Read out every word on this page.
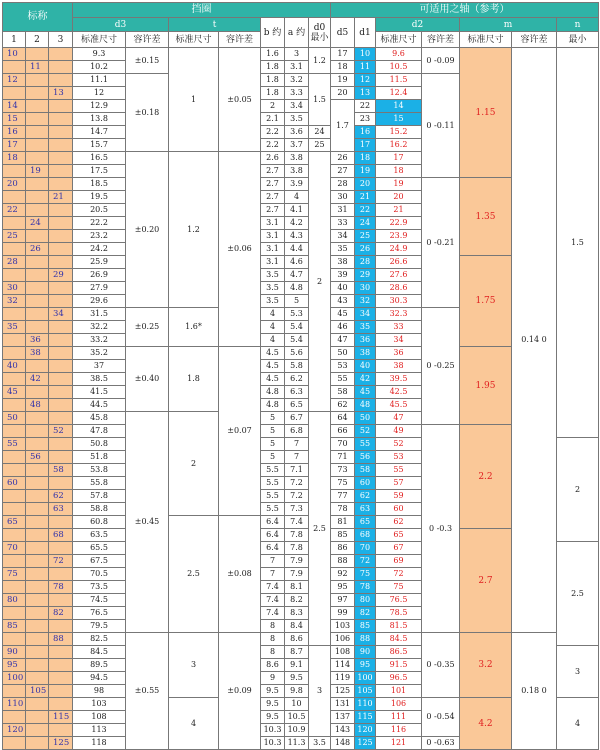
标称			挡圈							可适用之轴（参考）							
			d3		t		b 约	a 约	d0 最小	d5	d1	d2		m		n	
1	2	3	标准尺寸	容许差	标准尺寸	容许差						标准尺寸	容许差	标准尺寸	容许差	最小	
10			9.3	±0.15	1	±0.05	1.6	3	1.2	17	10	9.6	0 -0.09	1.15	0.14 0	1.5	
	11		10.2				1.8	3.1		18	11	10.5					
12			11.1	±0.18			1.8	3.2	1.5	19	12	11.5	0 -0.11				
		13	12				1.8	3.3		20	13	12.4					
14			12.9				2	3.4		1.7	22	14	
15			13.8				2.1	3.5			23	15	
16			14.7				2.2	3.6	24		16	15.2					
17			15.7				2.2	3.7	25		17	16.2					
18			16.5	±0.20	1.2	±0.06	2.6	3.8	2	26	18	17					
	19		17.5				2.7	3.8		27	19	18					
20			18.5				2.7	3.9		28	20	19	0 -0.21	1.35			
		21	19.5				2.7	4		30	21	20					
22			20.5				2.7	4.1		31	22	21					
	24		22.2				3.1	4.2		33	24	22.9					
25			23.2				3.1	4.3		34	25	23.9					
	26		24.2				3.1	4.4		35	26	24.9					
28			25.9				3.1	4.6		38	28	26.6		1.75			
		29	26.9				3.5	4.7		39	29	27.6					
30			27.9				3.5	4.8		40	30	28.6					
32			29.6				3.5	5		43	32	30.3					
		34	31.5	±0.25	1.6*		4	5.3		45	34	32.3	0 -0.25				
35			32.2				4	5.4		46	35	33					
	36		33.2				4	5.4		47	36	34					
	38		35.2	±0.40	1.8	±0.07	4.5	5.6		50	38	36		1.95			
40			37				4.5	5.8		53	40	38					
	42		38.5				4.5	6.2		55	42	39.5					
45			41.5				4.8	6.3		58	45	42.5					
	48		44.5				4.8	6.5		62	48	45.5					
50			45.8	±0.45	2		5	6.7	2.5	64	50	47					
		52	47.8				5	6.8		66	52	49	0 -0.3	2.2			
55			50.8				5	7		70	55	52				2	
	56		51.8				5	7		71	56	53					
		58	53.8				5.5	7.1		73	58	55					
60			55.8				5.5	7.2		75	60	57					
		62	57.8				5.5	7.2		77	62	59					
		63	58.8				5.5	7.3		78	63	60					
65			60.8		2.5	±0.08	6.4	7.4		81	65	62					
		68	63.5				6.4	7.8		85	68	65		2.7			
70			65.5				6.4	7.8		86	70	67				2.5	
		72	67.5				7	7.9		88	72	69					
75			70.5				7	7.9		92	75	72					
		78	73.5				7.4	8.1		95	78	75					
80			74.5				7.4	8.2		97	80	76.5					
		82	76.5				7.4	8.3		99	82	78.5					
85			79.5				8	8.4		103	85	81.5					
		88	82.5	±0.55	3	±0.09	8	8.6		106	88	84.5	0 -0.35	3.2	0.18 0		
90			84.5				8	8.7	3	108	90	86.5				3	
95			89.5				8.6	9.1		114	95	91.5					
100			94.5				9	9.5		119	100	96.5					
	105		98				9.5	9.8		125	105	101					
110			103		4		9.5	10		131	110	106	0 -0.54	4.2		4	
		115	108				9.5	10.5		137	115	111					
120			113				10.3	10.9		143	120	116					
		125	118				10.3	11.3	3.5	148	125	121	0 -0.63				
